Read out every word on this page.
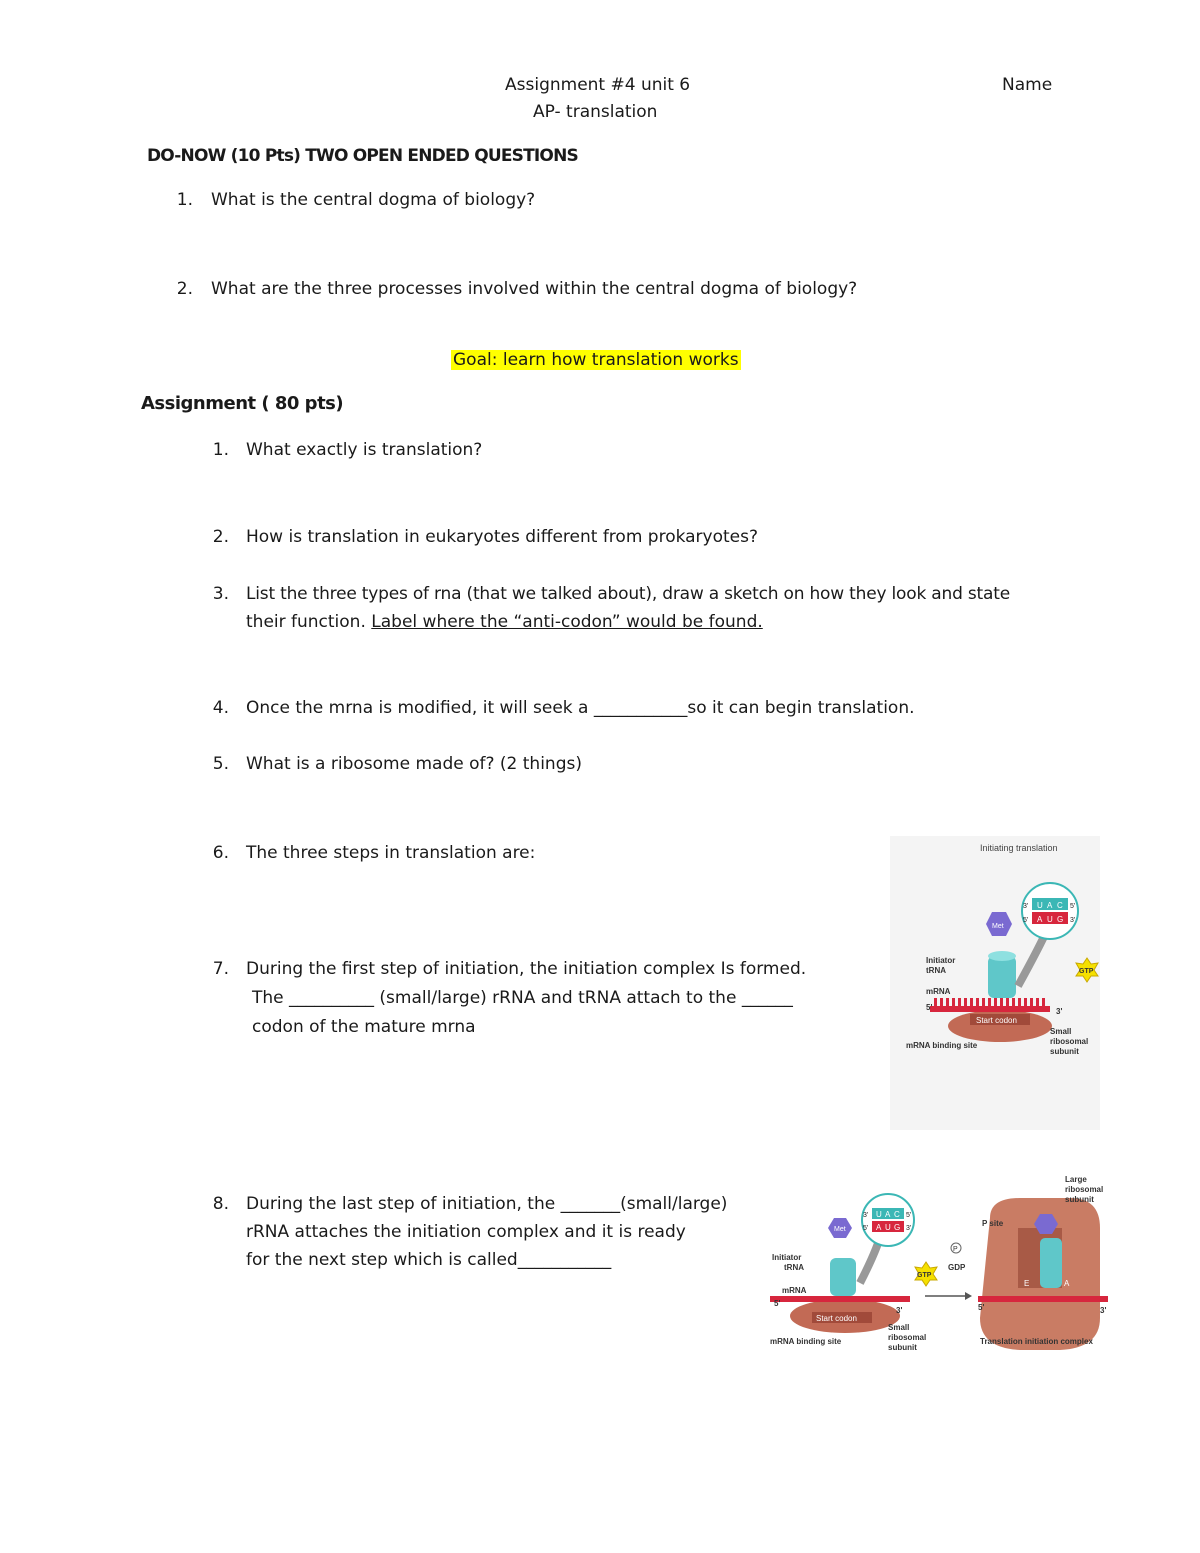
Assignment #4 unit 6
AP- translation
Name
DO-NOW (10 Pts) TWO OPEN ENDED QUESTIONS
1. What is the central dogma of biology?
2. What are the three processes involved within the central dogma of biology?
Goal: learn how translation works
Assignment ( 80 pts)
1. What exactly is translation?
2. How is translation in eukaryotes different from prokaryotes?
3. List the three types of rna (that we talked about), draw a sketch on how they look and state
their function. Label where the “anti-codon” would be found.
4. Once the mrna is modified, it will seek a ___________so it can begin translation.
5. What is a ribosome made of? (2 things)
6. The three steps in translation are:
7. During the first step of initiation, the initiation complex Is formed.
The __________ (small/large) rRNA and tRNA attach to the ______
codon of the mature mrna
8. During the last step of initiation, the _______(small/large)
rRNA attaches the initiation complex and it is ready
for the next step which is called___________
Initiating translation
Met
3' U A C 5'
5' A U G 3'
GTP
Initiator
tRNA
mRNA
5'	3'
Start codon
mRNA binding site
Small
ribosomal
subunit
Met
3' U A C 5'
5' A U G 3'
Initiator
tRNA
mRNA
5'
3'
Start codon
mRNA binding site
Small
ribosomal
subunit
GTP
P
GDP
E	A
P site
Large
ribosomal
subunit
5'	3'
Translation initiation complex
